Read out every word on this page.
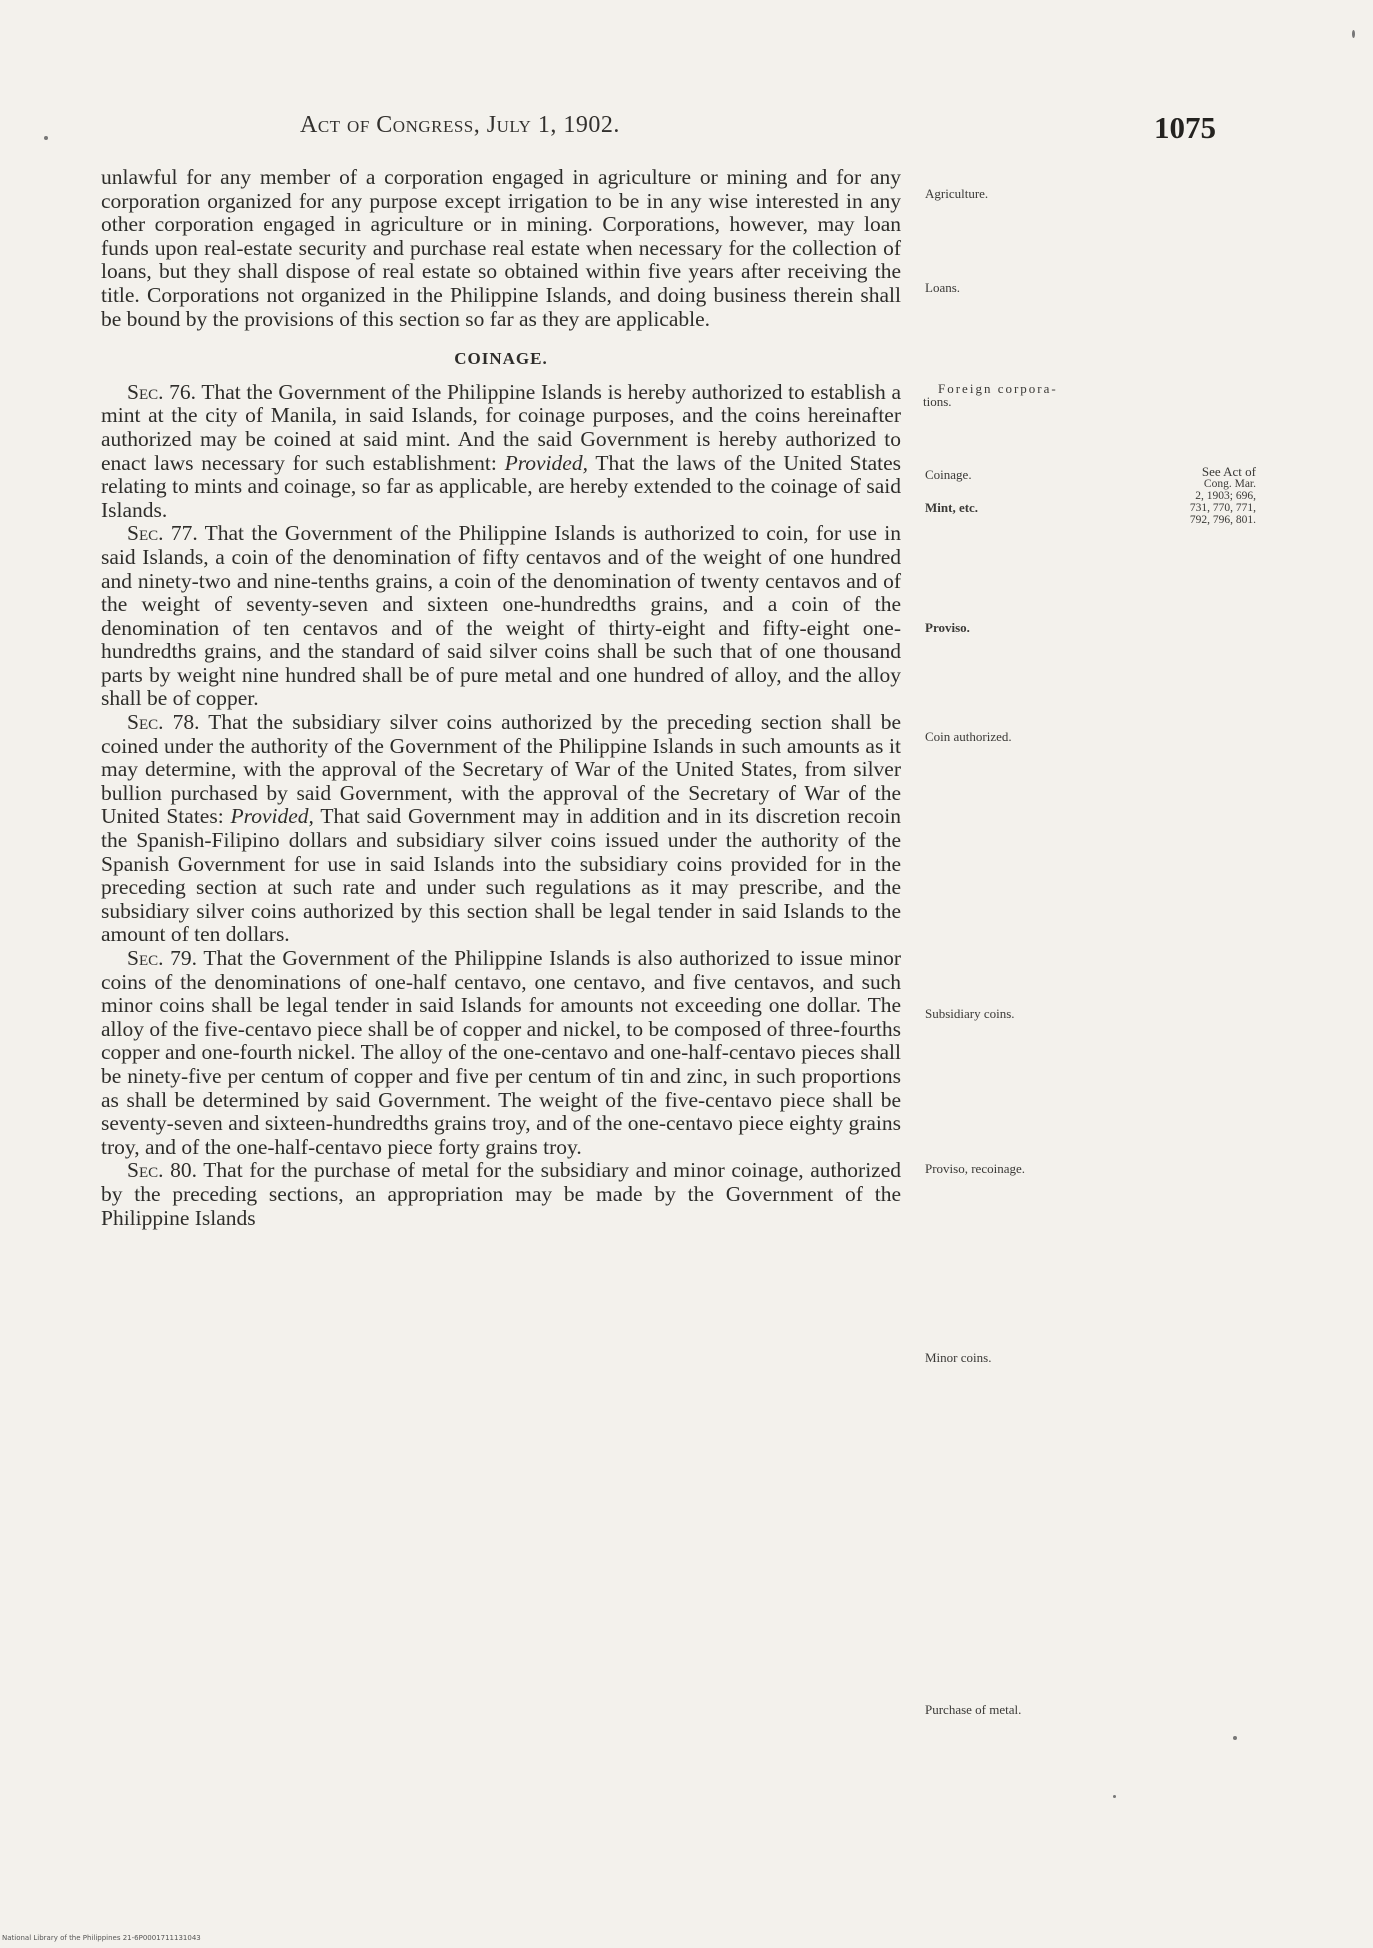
Act of Congress, July 1, 1902.	1075

unlawful for any member of a corporation engaged in agriculture or mining and for any corporation organized for any purpose except irrigation to be in any wise interested in any other corporation engaged in agriculture or in mining. Corporations, however, may loan funds upon real-estate security and purchase real estate when necessary for the collection of loans, but they shall dispose of real estate so obtained within five years after receiving the title. Corporations not organized in the Philippine Islands, and doing business therein shall be bound by the provisions of this section so far as they are applicable.

COINAGE.

Sec. 76. That the Government of the Philippine Islands is hereby authorized to establish a mint at the city of Manila, in said Islands, for coinage purposes, and the coins hereinafter authorized may be coined at said mint. And the said Government is hereby authorized to enact laws necessary for such establishment: Provided, That the laws of the United States relating to mints and coinage, so far as applicable, are hereby extended to the coinage of said Islands.

Sec. 77. That the Government of the Philippine Islands is authorized to coin, for use in said Islands, a coin of the denomination of fifty centavos and of the weight of one hundred and ninety-two and nine-tenths grains, a coin of the denomination of twenty centavos and of the weight of seventy-seven and sixteen one-hundredths grains, and a coin of the denomination of ten centavos and of the weight of thirty-eight and fifty-eight one-hundredths grains, and the standard of said silver coins shall be such that of one thousand parts by weight nine hundred shall be of pure metal and one hundred of alloy, and the alloy shall be of copper.

Sec. 78. That the subsidiary silver coins authorized by the preceding section shall be coined under the authority of the Government of the Philippine Islands in such amounts as it may determine, with the approval of the Secretary of War of the United States, from silver bullion purchased by said Government, with the approval of the Secretary of War of the United States: Provided, That said Government may in addition and in its discretion recoin the Spanish-Filipino dollars and subsidiary silver coins issued under the authority of the Spanish Government for use in said Islands into the subsidiary coins provided for in the preceding section at such rate and under such regulations as it may prescribe, and the subsidiary silver coins authorized by this section shall be legal tender in said Islands to the amount of ten dollars.

Sec. 79. That the Government of the Philippine Islands is also authorized to issue minor coins of the denominations of one-half centavo, one centavo, and five centavos, and such minor coins shall be legal tender in said Islands for amounts not exceeding one dollar. The alloy of the five-centavo piece shall be of copper and nickel, to be composed of three-fourths copper and one-fourth nickel. The alloy of the one-centavo and one-half-centavo pieces shall be ninety-five per centum of copper and five per centum of tin and zinc, in such proportions as shall be determined by said Government. The weight of the five-centavo piece shall be seventy-seven and sixteen-hundredths grains troy, and of the one-centavo piece eighty grains troy, and of the one-half-centavo piece forty grains troy.

Sec. 80. That for the purchase of metal for the subsidiary and minor coinage, authorized by the preceding sections, an appropriation may be made by the Government of the Philippine Islands

Agriculture.
Loans.
Foreign corpora-
tions.
Coinage.
Mint, etc.
Proviso.
Coin authorized.
Subsidiary coins.
Proviso, recoinage.
Minor coins.
Purchase of metal.
See Act of
Cong. Mar.
2, 1903; 696,
731, 770, 771,
792, 796, 801.
National Library of the Philippines 21-6P0001711131043
